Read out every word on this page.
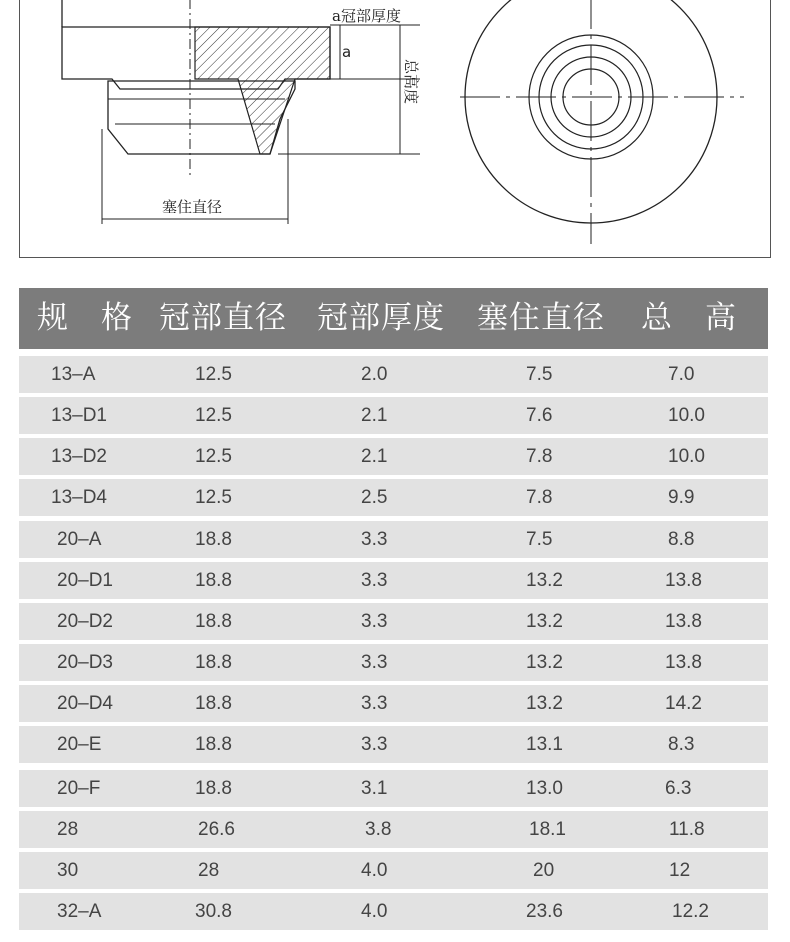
a冠部厚度
a
总高度
塞住直径
规　格 冠部直径 冠部厚度 塞住直径 总　高
13–A	12.5	2.0	7.5	7.0
13–D1	12.5	2.1	7.6	10.0
13–D2	12.5	2.1	7.8	10.0
13–D4	12.5	2.5	7.8	9.9
20–A	18.8	3.3	7.5	8.8
20–D1	18.8	3.3	13.2	13.8
20–D2	18.8	3.3	13.2	13.8
20–D3	18.8	3.3	13.2	13.8
20–D4	18.8	3.3	13.2	14.2
20–E	18.8	3.3	13.1	8.3
20–F	18.8	3.1	13.0	6.3
28	26.6	3.8	18.1	11.8
30	28	4.0	20	12
32–A	30.8	4.0	23.6	12.2
